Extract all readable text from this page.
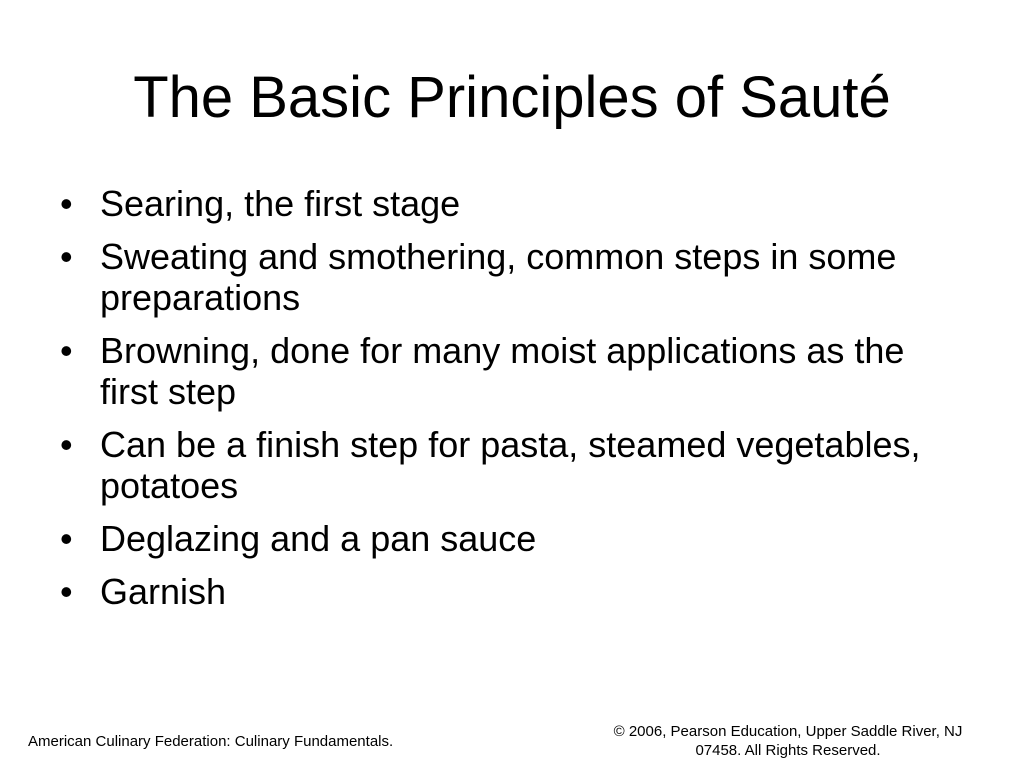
The Basic Principles of Sauté
• Searing, the first stage
• Sweating and smothering, common steps in some preparations
• Browning, done for many moist applications as the first step
• Can be a finish step for pasta, steamed vegetables, potatoes
• Deglazing and a pan sauce
• Garnish
American Culinary Federation: Culinary Fundamentals.
© 2006, Pearson Education, Upper Saddle River, NJ
07458. All Rights Reserved.
